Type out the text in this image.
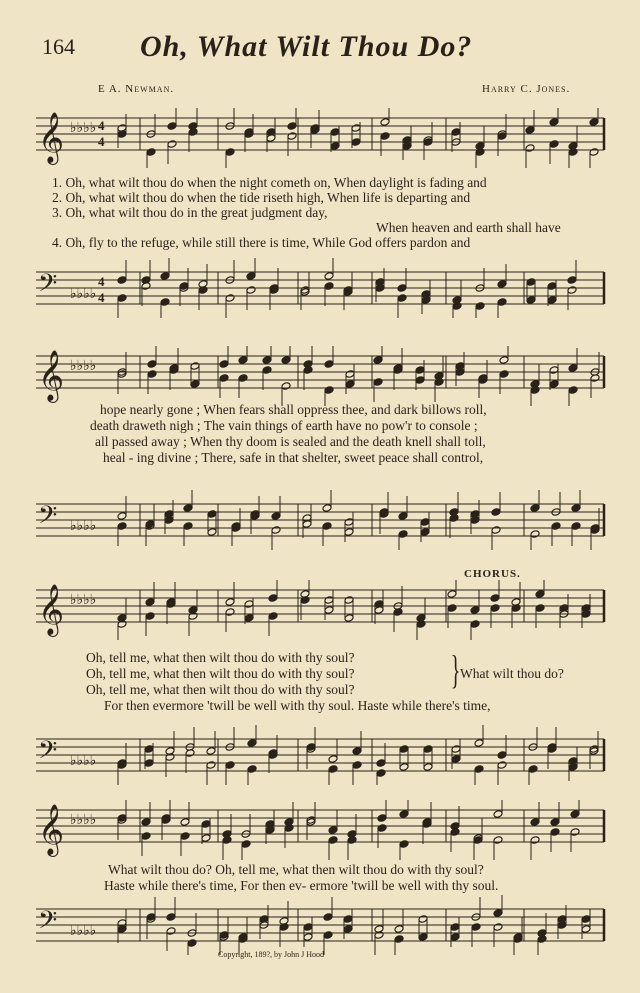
164 Oh, What Wilt Thou Do?
E A. Newman.	Harry C. Jones.
𝄞 ♭♭♭♭ 4
4
1. Oh, what wilt thou do when the night cometh on, When daylight is fading and
2. Oh, what wilt thou do when the tide riseth high, When life is departing and
3. Oh, what wilt thou do in the great judgment day,
When heaven and earth shall have
4. Oh, fly to the refuge, while still there is time, While God offers pardon and
𝄢 ♭♭♭♭
4
4
𝄞 ♭♭♭♭
hope nearly gone ; When fears shall oppress thee, and dark billows roll,
death draweth nigh ; The vain things of earth have no pow'r to console ;
all passed away ; When thy doom is sealed and the death knell shall toll,
heal - ing divine ; There, safe in that shelter, sweet peace shall control,
𝄢 ♭♭♭♭
CHORUS.
𝄞 ♭♭♭♭
Oh, tell me, what then wilt thou do with thy soul?
Oh, tell me, what then wilt thou do with thy soul?
Oh, tell me, what then wilt thou do with thy soul? } What wilt thou do?
For then evermore 'twill be well with thy soul. Haste while there's time,
𝄢 ♭♭♭♭
𝄞 ♭♭♭♭
What wilt thou do? Oh, tell me, what then wilt thou do with thy soul?
Haste while there's time, For then ev- ermore 'twill be well with thy soul.
𝄢 ♭♭♭♭
Copyright, 189?, by John J Hood
